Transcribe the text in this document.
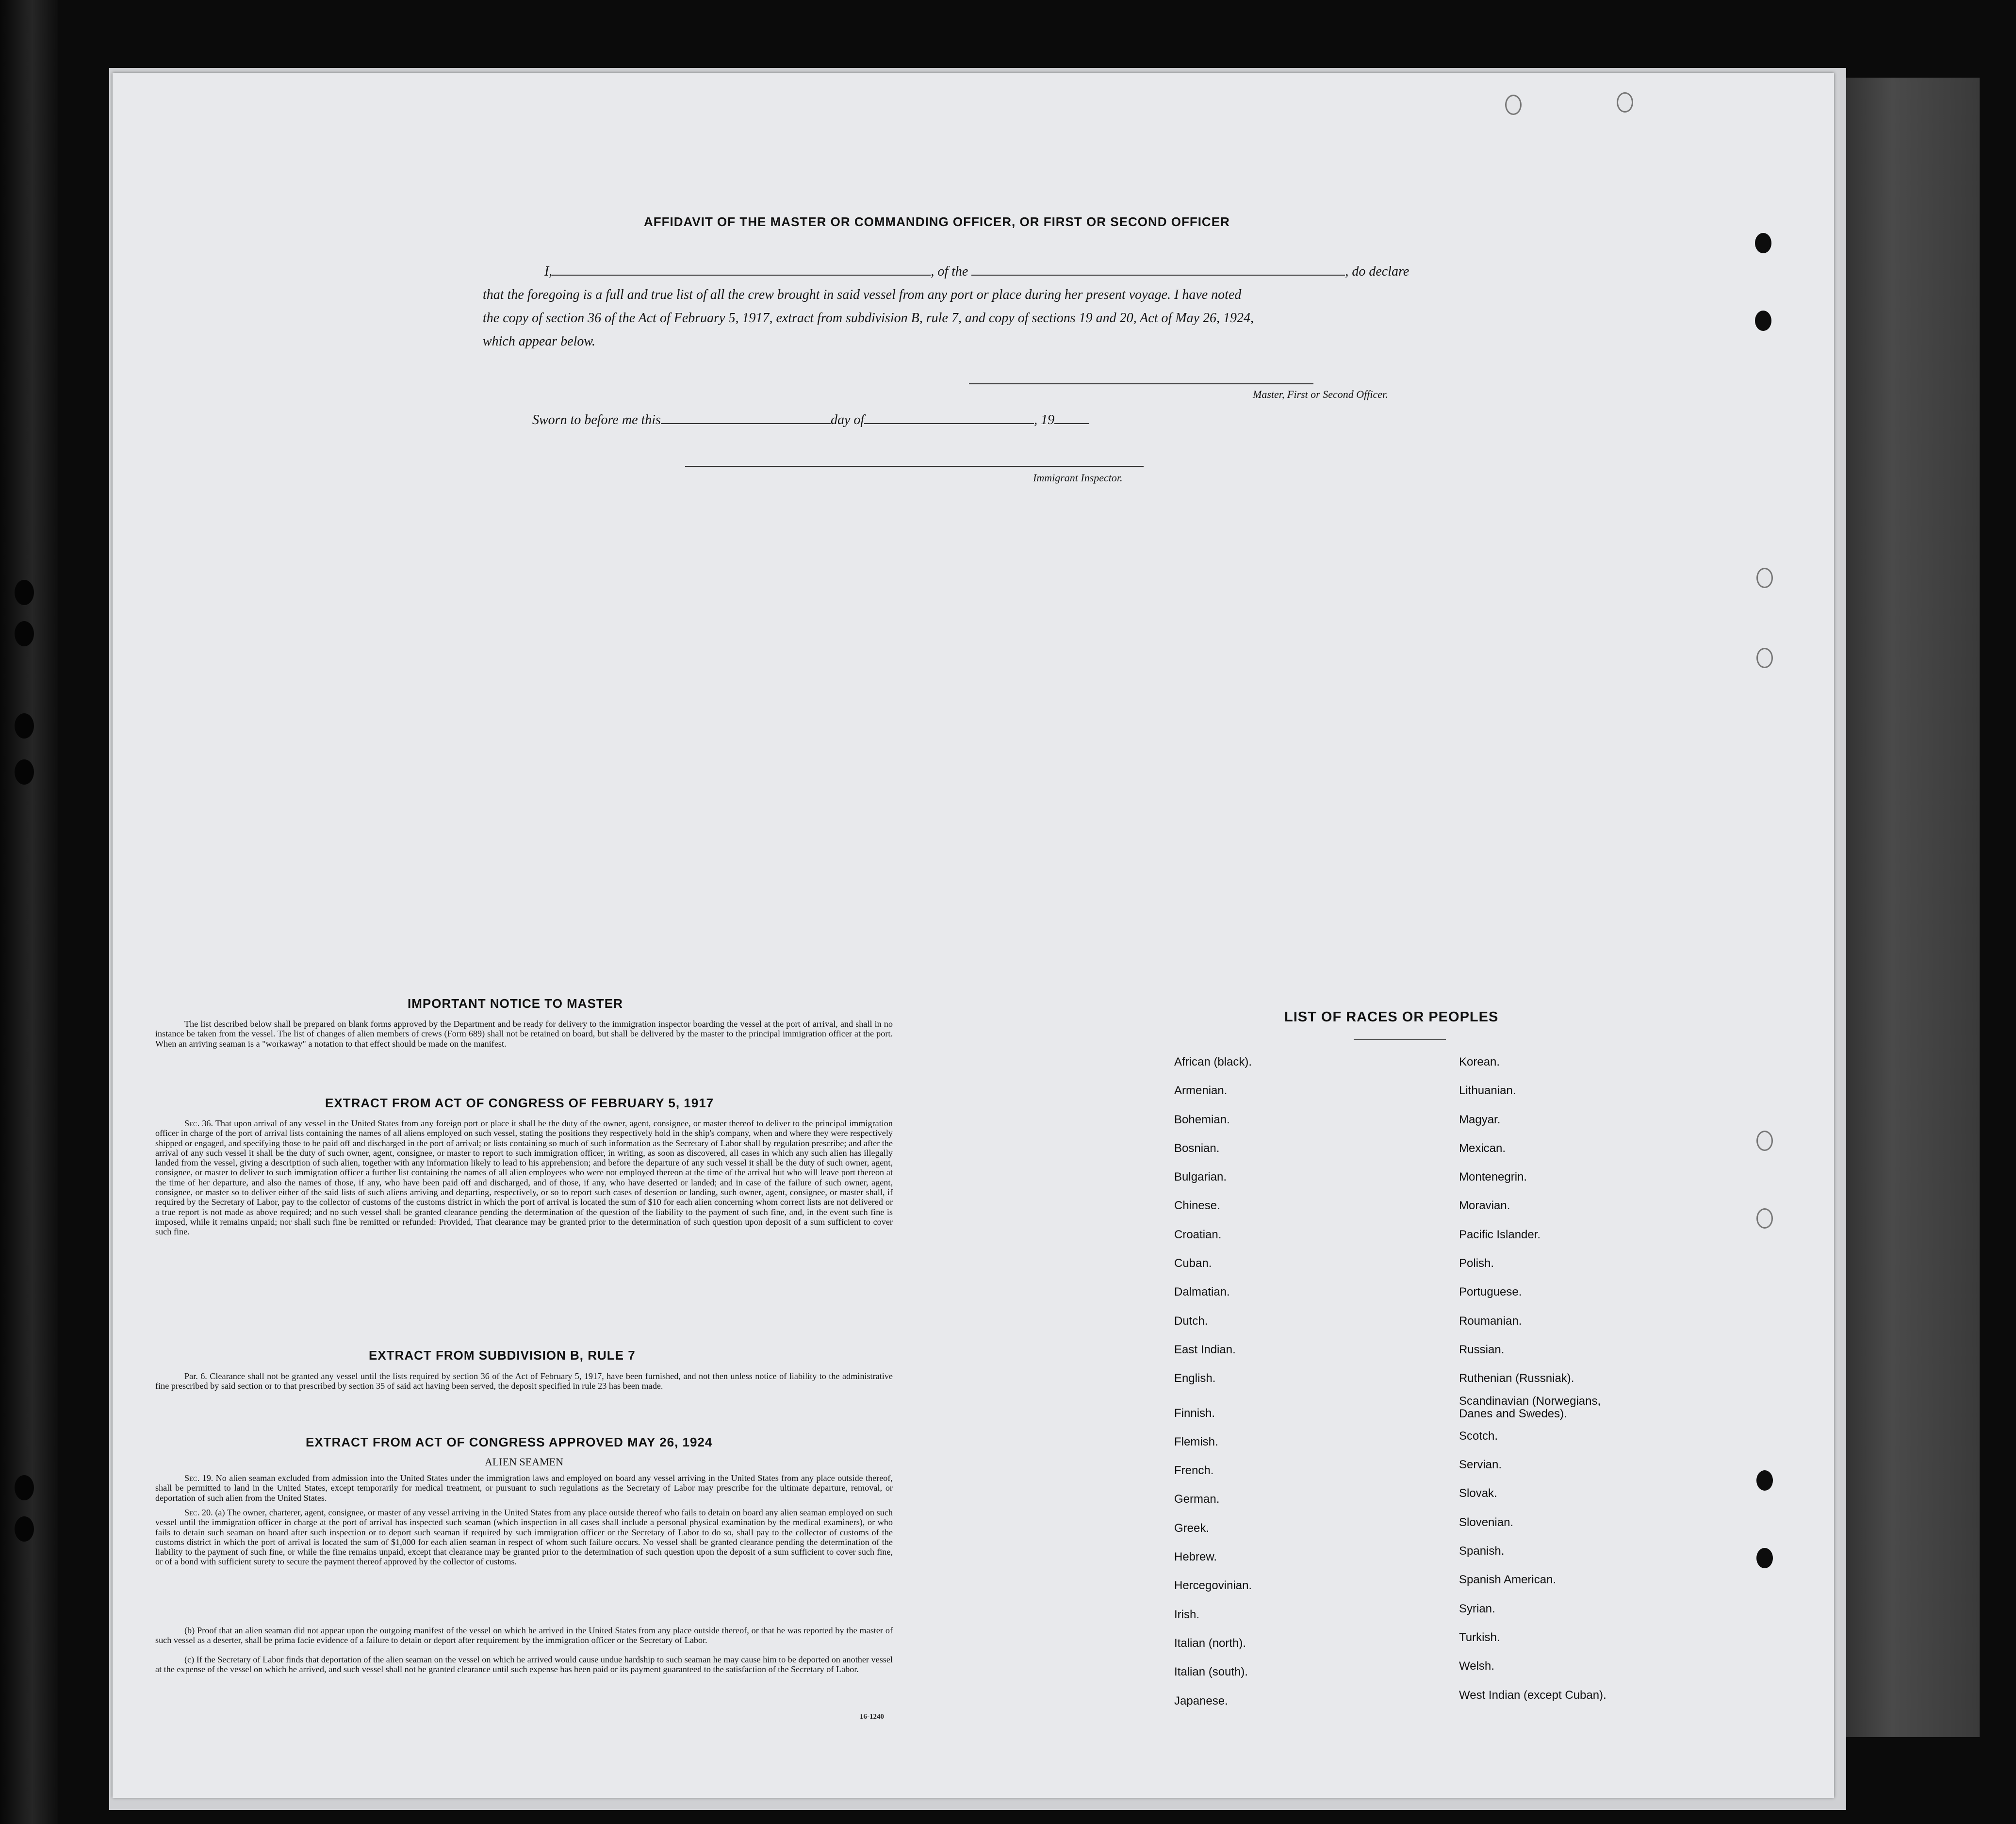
AFFIDAVIT OF THE MASTER OR COMMANDING OFFICER, OR FIRST OR SECOND OFFICER
I,	, of the	, do declare
that the foregoing is a full and true list of all the crew brought in said vessel from any port or place during her present voyage. I have noted
the copy of section 36 of the Act of February 5, 1917, extract from subdivision B, rule 7, and copy of sections 19 and 20, Act of May 26, 1924,
which appear below.
Master, First or Second Officer.
Sworn to before me this	day of	, 19
Immigrant Inspector.
IMPORTANT NOTICE TO MASTER

The list described below shall be prepared on blank forms approved by the Department and be ready for delivery to the immigration inspector boarding the vessel at the port of arrival, and shall in no instance be taken from the vessel. The list of changes of alien members of crews (Form 689) shall not be retained on board, but shall be delivered by the master to the principal immigration officer at the port. When an arriving seaman is a "workaway" a notation to that effect should be made on the manifest.

EXTRACT FROM ACT OF CONGRESS OF FEBRUARY 5, 1917

Sec. 36. That upon arrival of any vessel in the United States from any foreign port or place it shall be the duty of the owner, agent, consignee, or master thereof to deliver to the principal immigration officer in charge of the port of arrival lists containing the names of all aliens employed on such vessel, stating the positions they respectively hold in the ship's company, when and where they were respectively shipped or engaged, and specifying those to be paid off and discharged in the port of arrival; or lists containing so much of such information as the Secretary of Labor shall by regulation prescribe; and after the arrival of any such vessel it shall be the duty of such owner, agent, consignee, or master to report to such immigration officer, in writing, as soon as discovered, all cases in which any such alien has illegally landed from the vessel, giving a description of such alien, together with any information likely to lead to his apprehension; and before the departure of any such vessel it shall be the duty of such owner, agent, consignee, or master to deliver to such immigration officer a further list containing the names of all alien employees who were not employed thereon at the time of the arrival but who will leave port thereon at the time of her departure, and also the names of those, if any, who have been paid off and discharged, and of those, if any, who have deserted or landed; and in case of the failure of such owner, agent, consignee, or master so to deliver either of the said lists of such aliens arriving and departing, respectively, or so to report such cases of desertion or landing, such owner, agent, consignee, or master shall, if required by the Secretary of Labor, pay to the collector of customs of the customs district in which the port of arrival is located the sum of $10 for each alien concerning whom correct lists are not delivered or a true report is not made as above required; and no such vessel shall be granted clearance pending the determination of the question of the liability to the payment of such fine, and, in the event such fine is imposed, while it remains unpaid; nor shall such fine be remitted or refunded: Provided, That clearance may be granted prior to the determination of such question upon deposit of a sum sufficient to cover such fine.

EXTRACT FROM SUBDIVISION B, RULE 7

Par. 6. Clearance shall not be granted any vessel until the lists required by section 36 of the Act of February 5, 1917, have been furnished, and not then unless notice of liability to the administrative fine prescribed by said section or to that prescribed by section 35 of said act having been served, the deposit specified in rule 23 has been made.

EXTRACT FROM ACT OF CONGRESS APPROVED MAY 26, 1924
ALIEN SEAMEN

Sec. 19. No alien seaman excluded from admission into the United States under the immigration laws and employed on board any vessel arriving in the United States from any place outside thereof, shall be permitted to land in the United States, except temporarily for medical treatment, or pursuant to such regulations as the Secretary of Labor may prescribe for the ultimate departure, removal, or deportation of such alien from the United States.

Sec. 20. (a) The owner, charterer, agent, consignee, or master of any vessel arriving in the United States from any place outside thereof who fails to detain on board any alien seaman employed on such vessel until the immigration officer in charge at the port of arrival has inspected such seaman (which inspection in all cases shall include a personal physical examination by the medical examiners), or who fails to detain such seaman on board after such inspection or to deport such seaman if required by such immigration officer or the Secretary of Labor to do so, shall pay to the collector of customs of the customs district in which the port of arrival is located the sum of $1,000 for each alien seaman in respect of whom such failure occurs. No vessel shall be granted clearance pending the determination of the liability to the payment of such fine, or while the fine remains unpaid, except that clearance may be granted prior to the determination of such question upon the deposit of a sum sufficient to cover such fine, or of a bond with sufficient surety to secure the payment thereof approved by the collector of customs.

(b) Proof that an alien seaman did not appear upon the outgoing manifest of the vessel on which he arrived in the United States from any place outside thereof, or that he was reported by the master of such vessel as a deserter, shall be prima facie evidence of a failure to detain or deport after requirement by the immigration officer or the Secretary of Labor.

(c) If the Secretary of Labor finds that deportation of the alien seaman on the vessel on which he arrived would cause undue hardship to such seaman he may cause him to be deported on another vessel at the expense of the vessel on which he arrived, and such vessel shall not be granted clearance until such expense has been paid or its payment guaranteed to the satisfaction of the Secretary of Labor.

16-1240
LIST OF RACES OR PEOPLES
African (black).
Armenian.
Bohemian.
Bosnian.
Bulgarian.
Chinese.
Croatian.
Cuban.
Dalmatian.
Dutch.
East Indian.
English.
Finnish.
Flemish.
French.
German.
Greek.
Hebrew.
Hercegovinian.
Irish.
Italian (north).
Italian (south).
Japanese.
Korean.
Lithuanian.
Magyar.
Mexican.
Montenegrin.
Moravian.
Pacific Islander.
Polish.
Portuguese.
Roumanian.
Russian.
Ruthenian (Russniak).
Scandinavian (Norwegians, Danes and Swedes).
Scotch.
Servian.
Slovak.
Slovenian.
Spanish.
Spanish American.
Syrian.
Turkish.
Welsh.
West Indian (except Cuban).
